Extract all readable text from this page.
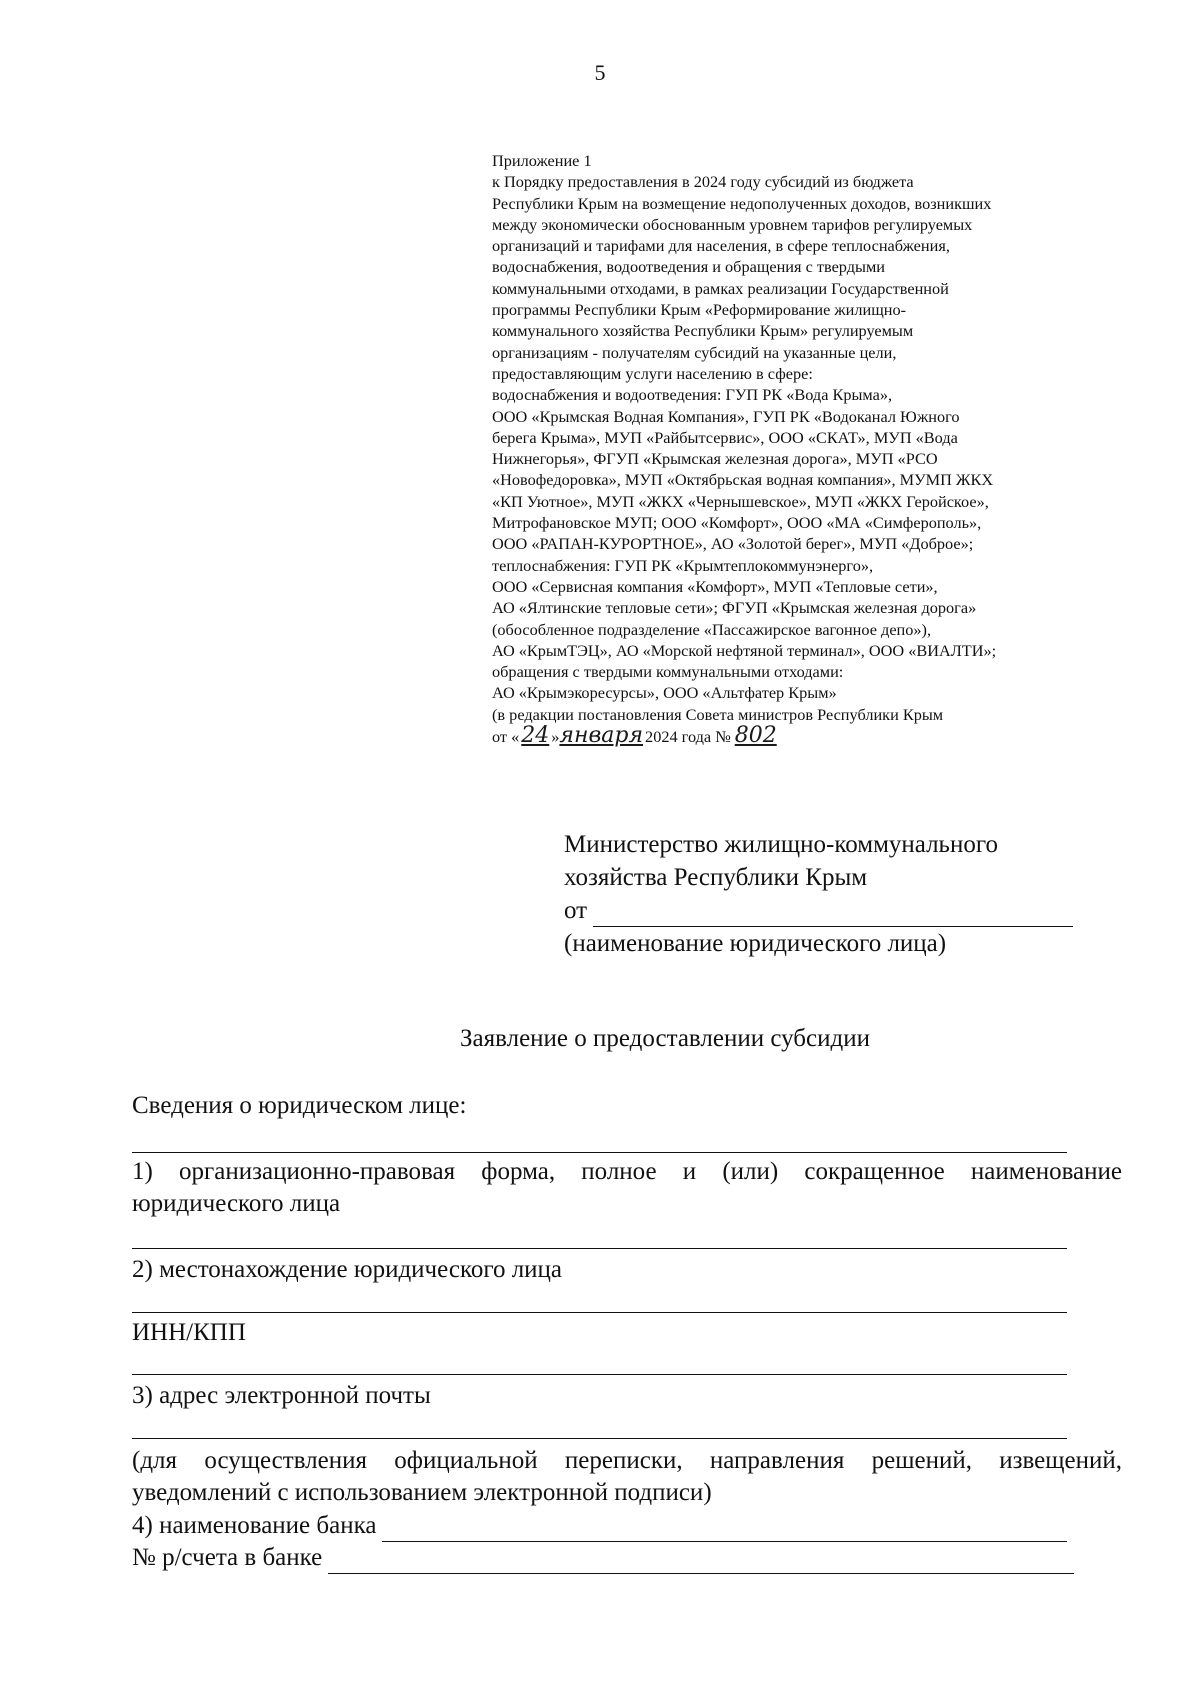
5
Приложение 1
к Порядку предоставления в 2024 году субсидий из бюджета
Республики Крым на возмещение недополученных доходов, возникших
между экономически обоснованным уровнем тарифов регулируемых
организаций и тарифами для населения, в сфере теплоснабжения,
водоснабжения, водоотведения и обращения с твердыми
коммунальными отходами, в рамках реализации Государственной
программы Республики Крым «Реформирование жилищно-
коммунального хозяйства Республики Крым» регулируемым
организациям - получателям субсидий на указанные цели,
предоставляющим услуги населению в сфере:
водоснабжения и водоотведения: ГУП РК «Вода Крыма»,
ООО «Крымская Водная Компания», ГУП РК «Водоканал Южного
берега Крыма», МУП «Райбытсервис», ООО «СКАТ», МУП «Вода
Нижнегорья», ФГУП «Крымская железная дорога», МУП «РСО
«Новофедоровка», МУП «Октябрьская водная компания», МУМП ЖКХ
«КП Уютное», МУП «ЖКХ «Чернышевское», МУП «ЖКХ Геройское»,
Митрофановское МУП; ООО «Комфорт», ООО «МА «Симферополь»,
ООО «РАПАН-КУРОРТНОЕ», АО «Золотой берег», МУП «Доброе»;
теплоснабжения: ГУП РК «Крымтеплокоммунэнерго»,
ООО «Сервисная компания «Комфорт», МУП «Тепловые сети»,
АО «Ялтинские тепловые сети»; ФГУП «Крымская железная дорога»
(обособленное подразделение «Пассажирское вагонное депо»),
АО «КрымТЭЦ», АО «Морской нефтяной терминал», ООО «ВИАЛТИ»;
обращения с твердыми коммунальными отходами:
АО «Крымэкоресурсы», ООО «Альтфатер Крым»
(в редакции постановления Совета министров Республики Крым
от «24 »января 2024 года № 802
Министерство жилищно-коммунального
хозяйства Республики Крым
от
(наименование юридического лица)
Заявление о предоставлении субсидии
Сведения о юридическом лице:
1) организационно-правовая форма, полное и (или) сокращенное наименование юридического лица
2) местонахождение юридического лица
ИНН/КПП
3) адрес электронной почты
(для осуществления официальной переписки, направления решений, извещений, уведомлений с использованием электронной подписи)
4) наименование банка
№ р/счета в банке
